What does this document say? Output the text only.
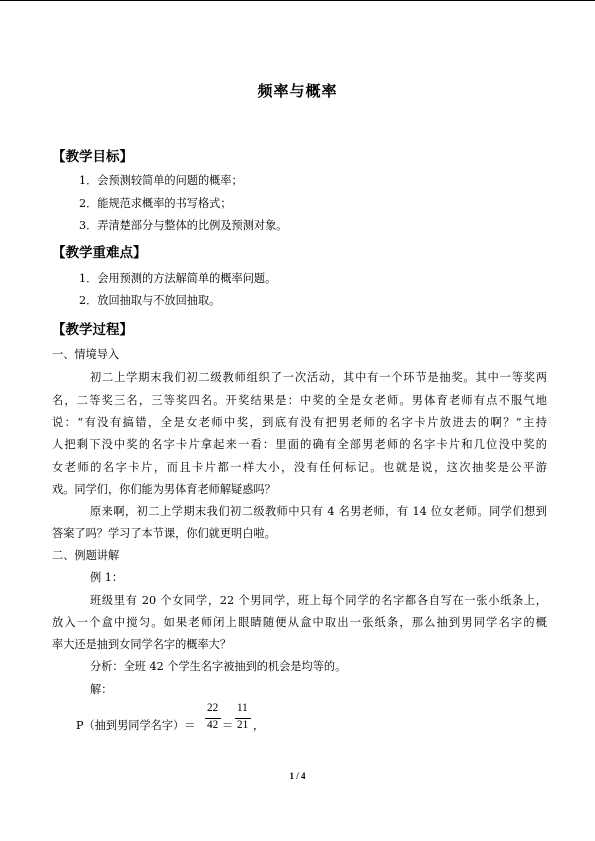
频率与概率
【教学目标】
1．会预测较简单的问题的概率；
2．能规范求概率的书写格式；
3．弄清楚部分与整体的比例及预测对象。
【教学重难点】
1．会用预测的方法解简单的概率问题。
2．放回抽取与不放回抽取。
【教学过程】
一、情境导入
初二上学期末我们初二级教师组织了一次活动，其中有一个环节是抽奖。其中一等奖两
名，二等奖三名，三等奖四名。开奖结果是：中奖的全是女老师。男体育老师有点不服气地
说：“有没有搞错，全是女老师中奖，到底有没有把男老师的名字卡片放进去的啊？”主持
人把剩下没中奖的名字卡片拿起来一看：里面的确有全部男老师的名字卡片和几位没中奖的
女老师的名字卡片，而且卡片都一样大小，没有任何标记。也就是说，这次抽奖是公平游
戏。同学们，你们能为男体育老师解疑惑吗？
原来啊，初二上学期末我们初二级教师中只有 4 名男老师，有 14 位女老师。同学们想到
答案了吗？学习了本节课，你们就更明白啦。
二、例题讲解
例 1：
班级里有 20 个女同学，22 个男同学，班上每个同学的名字都各自写在一张小纸条上，
放入一个盒中搅匀。如果老师闭上眼睛随便从盒中取出一张纸条，那么抽到男同学名字的概
率大还是抽到女同学名字的概率大？
分析：全班 42 个学生名字被抽到的机会是均等的。
解：
P（抽到男同学名字）＝
22
42 ＝
11
21 ，
1 / 4
